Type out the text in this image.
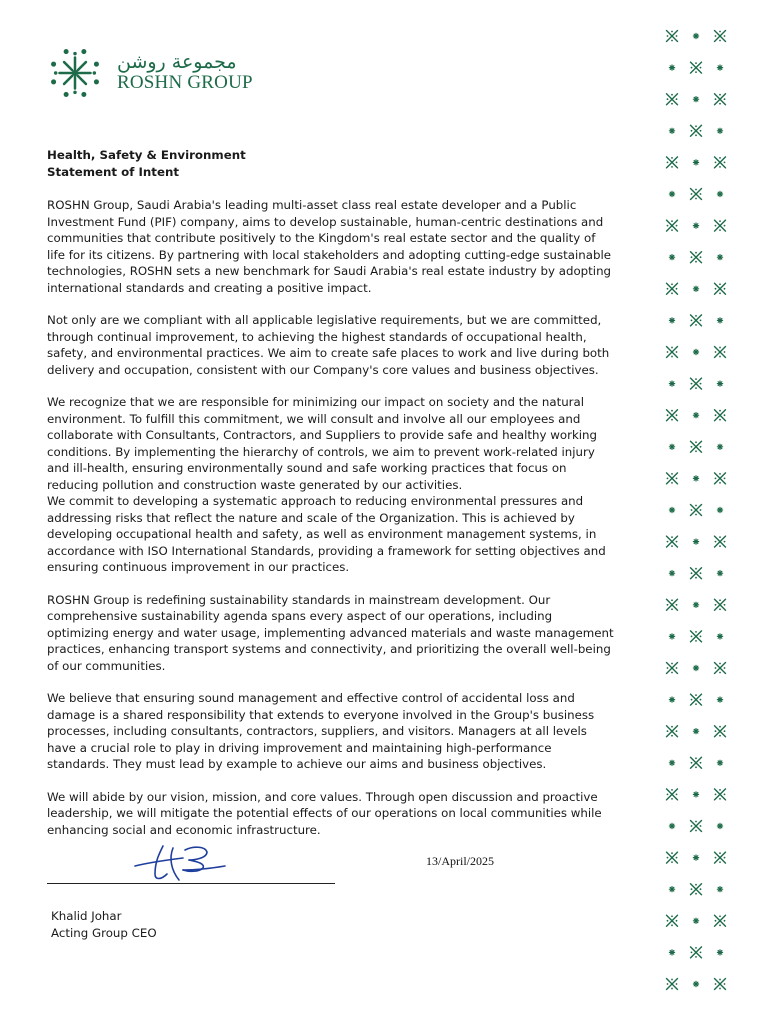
مجموعة روشن
ROSHN GROUP
Health, Safety & Environment
Statement of Intent

ROSHN Group, Saudi Arabia's leading multi-asset class real estate developer and a Public Investment Fund (PIF) company, aims to develop sustainable, human-centric destinations and communities that contribute positively to the Kingdom's real estate sector and the quality of life for its citizens. By partnering with local stakeholders and adopting cutting-edge sustainable technologies, ROSHN sets a new benchmark for Saudi Arabia's real estate industry by adopting international standards and creating a positive impact.

Not only are we compliant with all applicable legislative requirements, but we are committed, through continual improvement, to achieving the highest standards of occupational health, safety, and environmental practices. We aim to create safe places to work and live during both delivery and occupation, consistent with our Company's core values and business objectives.

We recognize that we are responsible for minimizing our impact on society and the natural environment. To fulfill this commitment, we will consult and involve all our employees and collaborate with Consultants, Contractors, and Suppliers to provide safe and healthy working conditions. By implementing the hierarchy of controls, we aim to prevent work-related injury and ill-health, ensuring environmentally sound and safe working practices that focus on reducing pollution and construction waste generated by our activities.

We commit to developing a systematic approach to reducing environmental pressures and addressing risks that reflect the nature and scale of the Organization. This is achieved by developing occupational health and safety, as well as environment management systems, in accordance with ISO International Standards, providing a framework for setting objectives and ensuring continuous improvement in our practices.

ROSHN Group is redefining sustainability standards in mainstream development. Our comprehensive sustainability agenda spans every aspect of our operations, including optimizing energy and water usage, implementing advanced materials and waste management practices, enhancing transport systems and connectivity, and prioritizing the overall well-being of our communities.

We believe that ensuring sound management and effective control of accidental loss and damage is a shared responsibility that extends to everyone involved in the Group's business processes, including consultants, contractors, suppliers, and visitors. Managers at all levels have a crucial role to play in driving improvement and maintaining high-performance standards. They must lead by example to achieve our aims and business objectives.

We will abide by our vision, mission, and core values. Through open discussion and proactive leadership, we will mitigate the potential effects of our operations on local communities while enhancing social and economic infrastructure.

13/April/2025
Khalid Johar
Acting Group CEO
